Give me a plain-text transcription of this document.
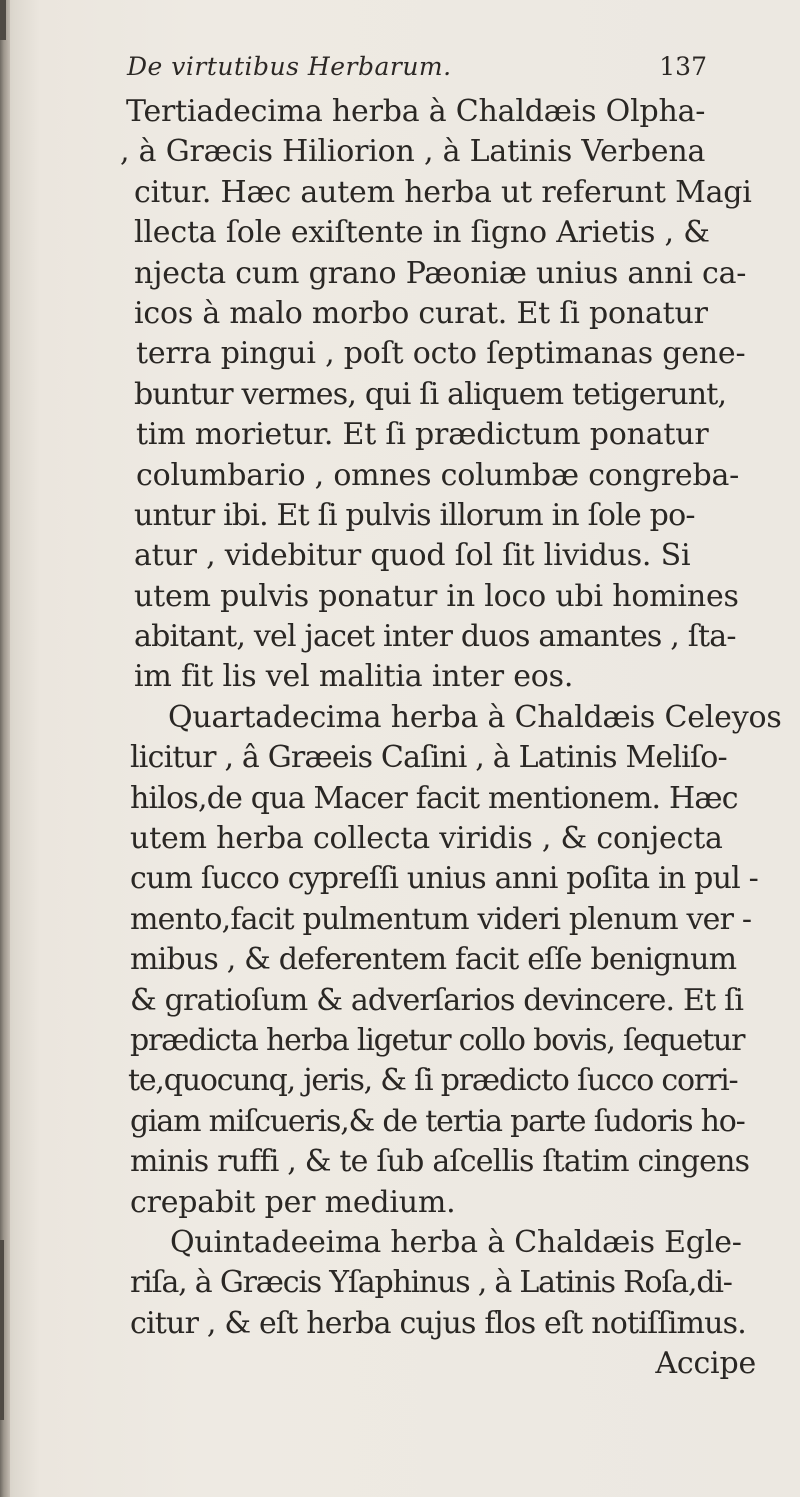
De virtutibus Herbarum.	137
Tertiadecima herba à Chaldæis Olpha-
, à Græcis Hiliorion , à Latinis Verbena
citur. Hæc autem herba ut referunt Magi
llecta ſole exiſtente in ſigno Arietis , &
njecta cum grano Pæoniæ unius anni ca-
icos à malo morbo curat. Et ſi ponatur
terra pingui , poſt octo ſeptimanas gene-
buntur vermes, qui ſi aliquem tetigerunt,
tim morietur. Et ſi prædictum ponatur
columbario , omnes columbæ congreba-
untur ibi. Et ſi pulvis illorum in ſole po-
atur , videbitur quod ſol ſit lividus. Si
utem pulvis ponatur in loco ubi homines
abitant, vel jacet inter duos amantes , ſta-
im fit lis vel malitia inter eos.
Quartadecima herba à Chaldæis Celeyos
licitur , â Græeis Caſini , à Latinis Meliſo-
hilos,de qua Macer facit mentionem. Hæc
utem herba collecta viridis , & conjecta
cum ſucco cypreſſi unius anni poſita in pul -
mento,facit pulmentum videri plenum ver -
mibus , & deferentem facit eſſe benignum
& gratioſum & adverſarios devincere. Et ſi
prædicta herba ligetur collo bovis, ſequetur
te,quocunq, jeris, & ſi prædicto ſucco corri-
giam miſcueris,& de tertia parte ſudoris ho-
minis ruffi , & te ſub aſcellis ſtatim cingens
crepabit per medium.
Quintadeeima herba à Chaldæis Egle-
riſa, à Græcis Yſaphinus , à Latinis Roſa,di-
citur , & eſt herba cujus flos eſt notiſſimus.
Accipe
